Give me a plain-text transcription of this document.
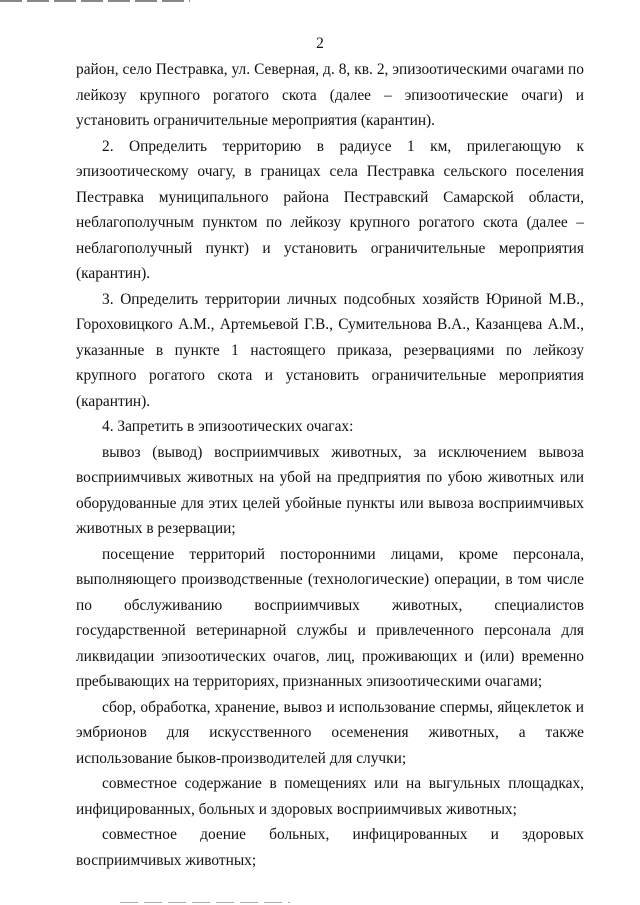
2

район, село Пестравка, ул. Северная, д. 8, кв. 2, эпизоотическими очагами по лейкозу крупного рогатого скота (далее – эпизоотические очаги) и установить ограничительные мероприятия (карантин).

2. Определить территорию в радиусе 1 км, прилегающую к эпизоотическому очагу, в границах села Пестравка сельского поселения Пестравка муниципального района Пестравский Самарской области, неблагополучным пунктом по лейкозу крупного рогатого скота (далее – неблагополучный пункт) и установить ограничительные мероприятия (карантин).

3. Определить территории личных подсобных хозяйств Юриной М.В., Гороховицкого А.М., Артемьевой Г.В., Сумительнова В.А., Казанцева А.М., указанные в пункте 1 настоящего приказа, резервациями по лейкозу крупного рогатого скота и установить ограничительные мероприятия (карантин).

4. Запретить в эпизоотических очагах:

вывоз (вывод) восприимчивых животных, за исключением вывоза восприимчивых животных на убой на предприятия по убою животных или оборудованные для этих целей убойные пункты или вывоза восприимчивых животных в резервации;

посещение территорий посторонними лицами, кроме персонала, выполняющего производственные (технологические) операции, в том числе по обслуживанию восприимчивых животных, специалистов государственной ветеринарной службы и привлеченного персонала для ликвидации эпизоотических очагов, лиц, проживающих и (или) временно пребывающих на территориях, признанных эпизоотическими очагами;

сбор, обработка, хранение, вывоз и использование спермы, яйцеклеток и эмбрионов для искусственного осеменения животных, а также использование быков-производителей для случки;

совместное содержание в помещениях или на выгульных площадках, инфицированных, больных и здоровых восприимчивых животных;

совместное доение больных, инфицированных и здоровых восприимчивых животных;
